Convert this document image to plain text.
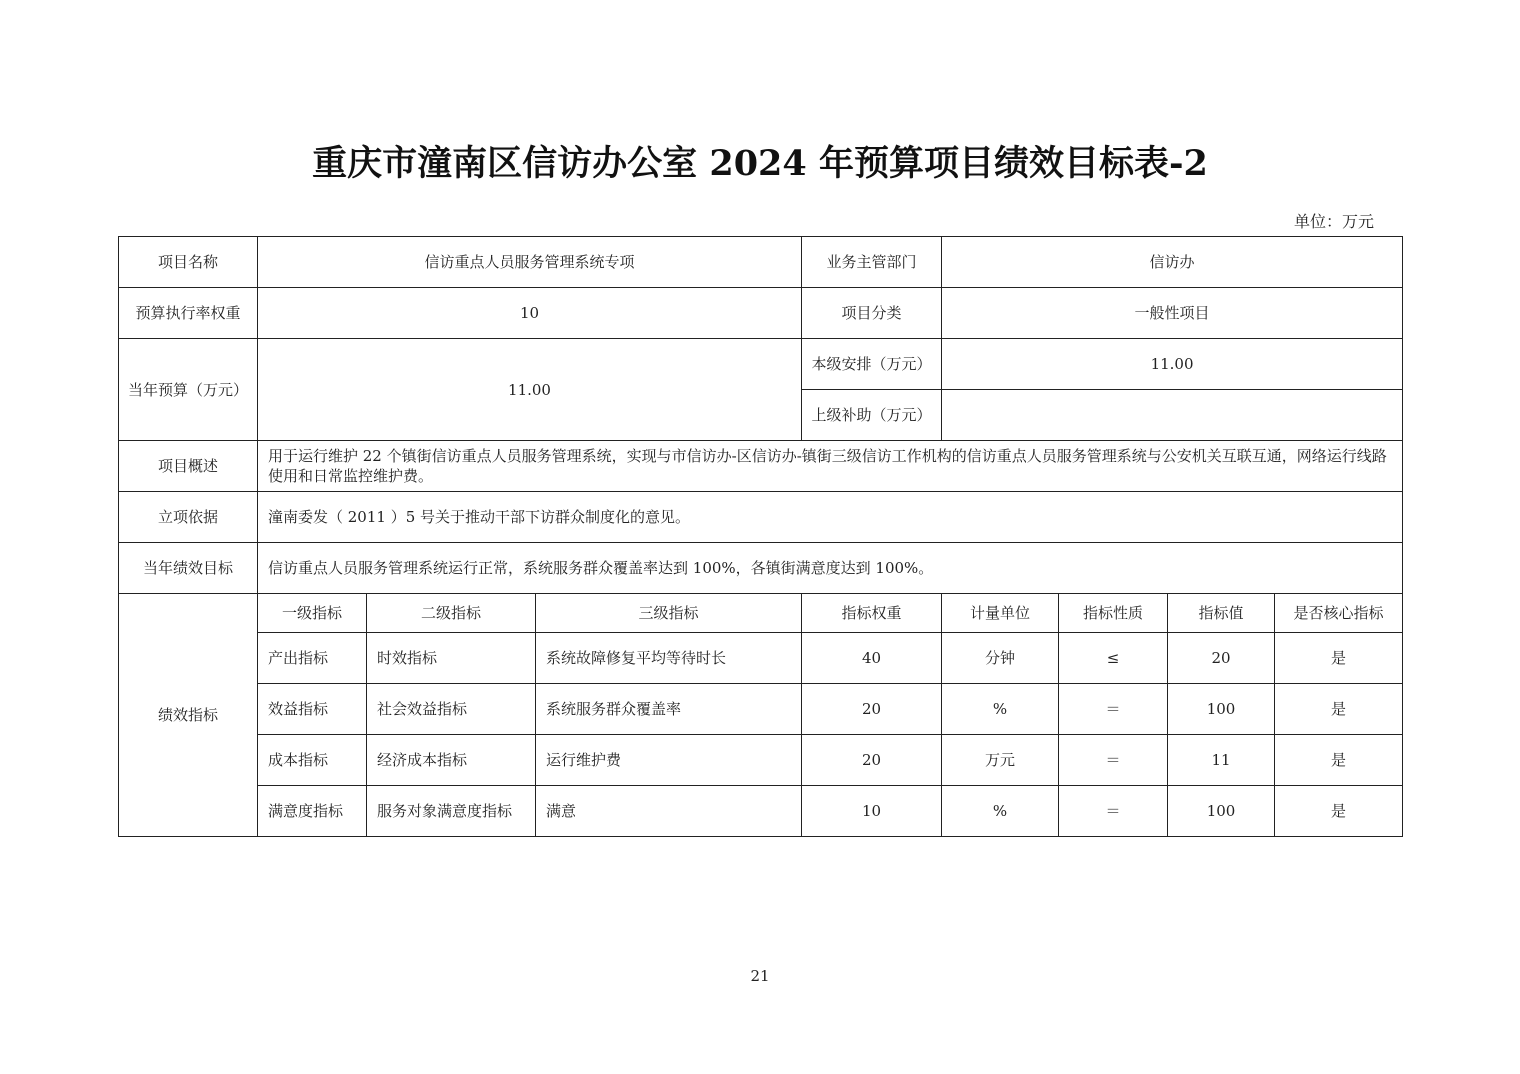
重庆市潼南区信访办公室 2024 年预算项目绩效目标表-2
单位：万元
项目名称	信访重点人员服务管理系统专项			业务主管部门	信访办			
预算执行率权重	10			项目分类	一般性项目			
当年预算（万元）	11.00			本级安排（万元）	11.00			
				上级补助（万元）				
项目概述	用于运行维护 22 个镇街信访重点人员服务管理系统，实现与市信访办-区信访办-镇街三级信访工作机构的信访重点人员服务管理系统与公安机关互联互通，网络运行线路使用和日常监控维护费。							
立项依据	潼南委发（ 2011 ）5 号关于推动干部下访群众制度化的意见。							
当年绩效目标	信访重点人员服务管理系统运行正常，系统服务群众覆盖率达到 100%，各镇街满意度达到 100%。							
绩效指标	一级指标	二级指标	三级指标	指标权重	计量单位	指标性质	指标值	是否核心指标
	产出指标	时效指标	系统故障修复平均等待时长	40	分钟	≤	20	是
	效益指标	社会效益指标	系统服务群众覆盖率	20	%	＝	100	是
	成本指标	经济成本指标	运行维护费	20	万元	＝	11	是
	满意度指标	服务对象满意度指标	满意	10	%	＝	100	是
21
